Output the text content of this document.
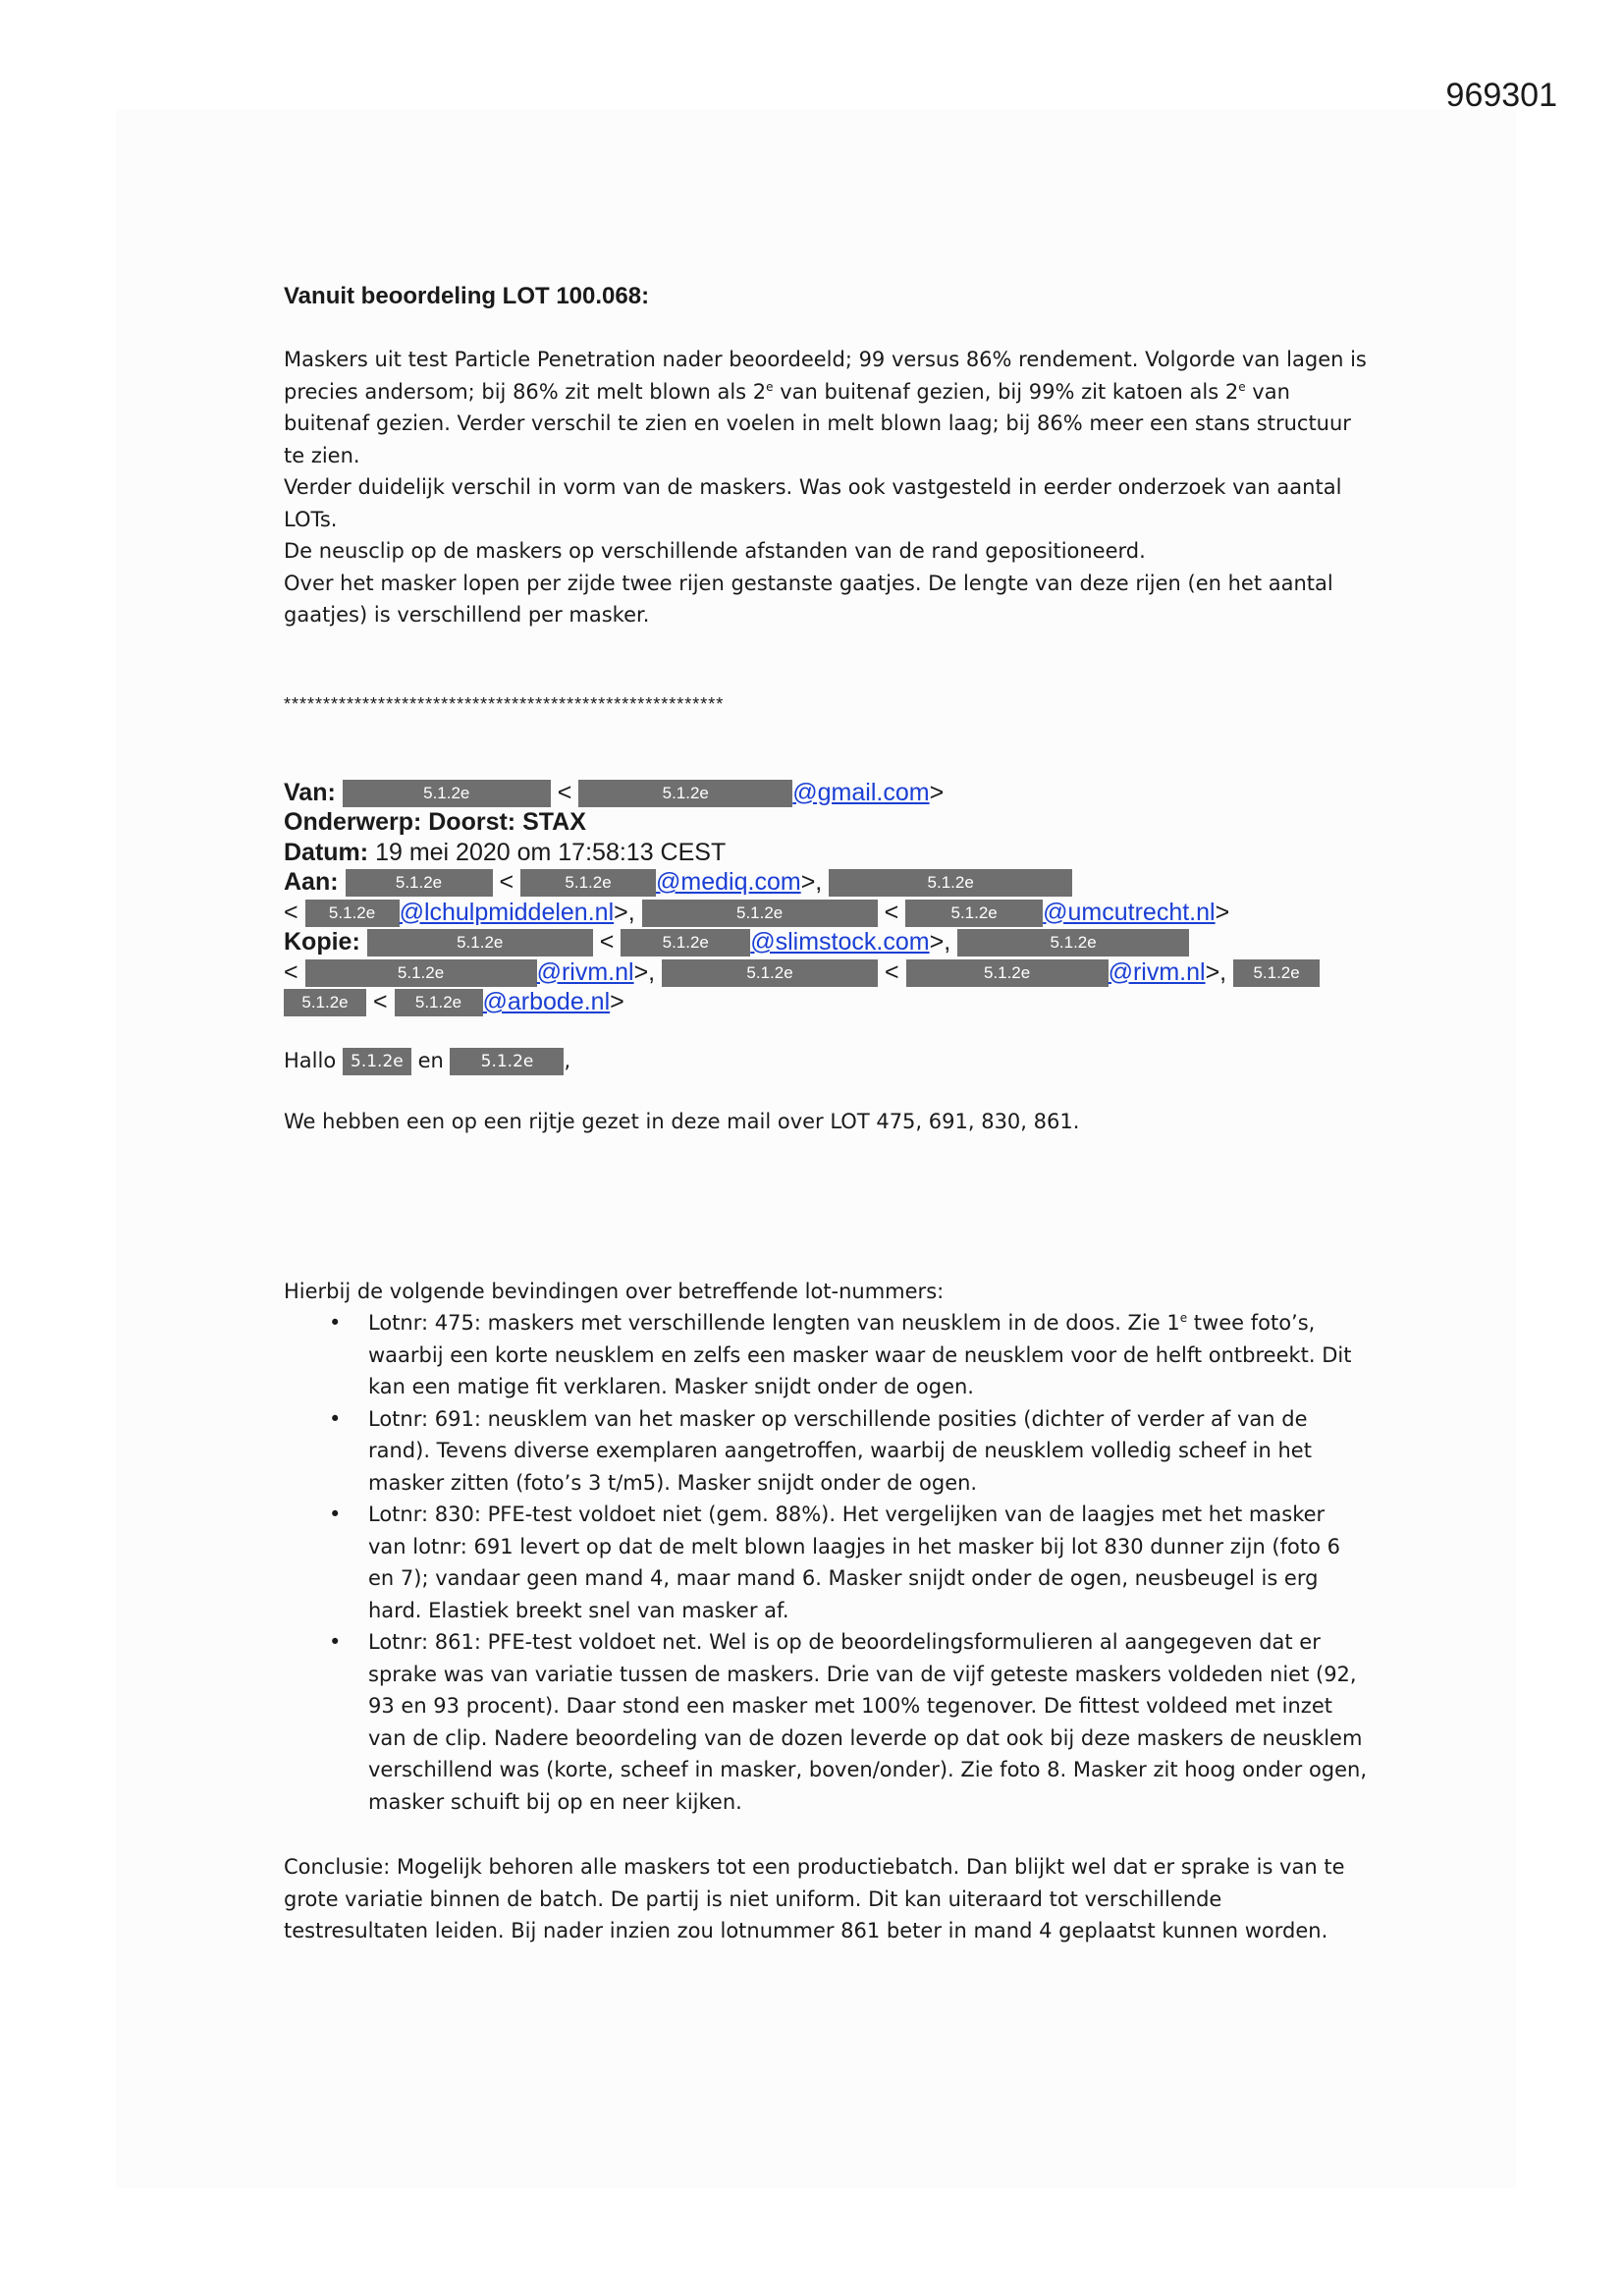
969301
Vanuit beoordeling LOT 100.068:

Maskers uit test Particle Penetration nader beoordeeld; 99 versus 86% rendement. Volgorde van lagen is precies andersom; bij 86% zit melt blown als 2e van buitenaf gezien, bij 99% zit katoen als 2e van buitenaf gezien. Verder verschil te zien en voelen in melt blown laag; bij 86% meer een stans structuur te zien.

Verder duidelijk verschil in vorm van de maskers. Was ook vastgesteld in eerder onderzoek van aantal LOTs.

De neusclip op de maskers op verschillende afstanden van de rand gepositioneerd.

Over het masker lopen per zijde twee rijen gestanste gaatjes. De lengte van deze rijen (en het aantal gaatjes) is verschillend per masker.

********************************************************
Van:	5.1.2e	<	5.1.2e	@gmail.com>
Onderwerp: Doorst: STAX
Datum: 19 mei 2020 om 17:58:13 CEST
Aan:	5.1.2e <	5.1.2e @mediq.com>,	5.1.2e
< 5.1.2e @lchulpmiddelen.nl>,	5.1.2e	<	5.1.2e @umcutrecht.nl>
Kopie:	5.1.2e	<	5.1.2e @slimstock.com>,	5.1.2e
<	5.1.2e	@rivm.nl>,	5.1.2e	<	5.1.2e	@rivm.nl>, 5.1.2e
5.1.2e < 5.1.2e @arbode.nl>

Hallo 5.1.2e en 5.1.2e ,

We hebben een op een rijtje gezet in deze mail over LOT 475, 691, 830, 861.

Hierbij de volgende bevindingen over betreffende lot-nummers:

• Lotnr: 475: maskers met verschillende lengten van neusklem in de doos. Zie 1e twee foto’s, waarbij een korte neusklem en zelfs een masker waar de neusklem voor de helft ontbreekt. Dit kan een matige fit verklaren. Masker snijdt onder de ogen.
• Lotnr: 691: neusklem van het masker op verschillende posities (dichter of verder af van de rand). Tevens diverse exemplaren aangetroffen, waarbij de neusklem volledig scheef in het masker zitten (foto’s 3 t/m5). Masker snijdt onder de ogen.
• Lotnr: 830: PFE-test voldoet niet (gem. 88%). Het vergelijken van de laagjes met het masker van lotnr: 691 levert op dat de melt blown laagjes in het masker bij lot 830 dunner zijn (foto 6 en 7); vandaar geen mand 4, maar mand 6. Masker snijdt onder de ogen, neusbeugel is erg hard. Elastiek breekt snel van masker af.
• Lotnr: 861: PFE-test voldoet net. Wel is op de beoordelingsformulieren al aangegeven dat er sprake was van variatie tussen de maskers. Drie van de vijf geteste maskers voldeden niet (92, 93 en 93 procent). Daar stond een masker met 100% tegenover. De fittest voldeed met inzet van de clip. Nadere beoordeling van de dozen leverde op dat ook bij deze maskers de neusklem verschillend was (korte, scheef in masker, boven/onder). Zie foto 8. Masker zit hoog onder ogen, masker schuift bij op en neer kijken.

Conclusie: Mogelijk behoren alle maskers tot een productiebatch. Dan blijkt wel dat er sprake is van te grote variatie binnen de batch. De partij is niet uniform. Dit kan uiteraard tot verschillende testresultaten leiden. Bij nader inzien zou lotnummer 861 beter in mand 4 geplaatst kunnen worden.
